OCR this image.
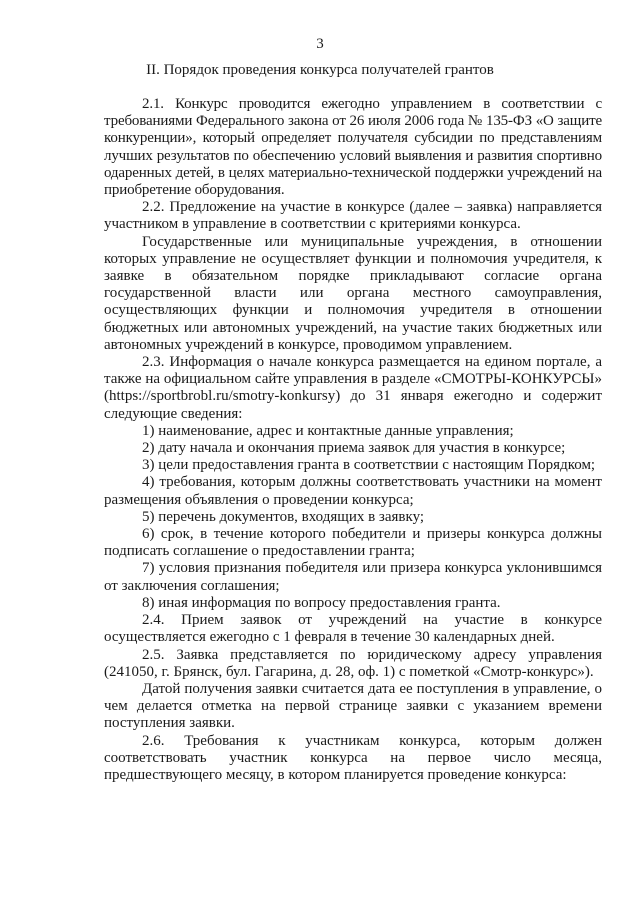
3
II. Порядок проведения конкурса получателей грантов

2.1. Конкурс проводится ежегодно управлением в соответствии с требованиями Федерального закона от 26 июля 2006 года № 135-ФЗ «О защите конкуренции», который определяет получателя субсидии по представлениям лучших результатов по обеспечению условий выявления и развития спортивно одаренных детей, в целях материально-технической поддержки учреждений на приобретение оборудования.

2.2. Предложение на участие в конкурсе (далее – заявка) направляется участником в управление в соответствии с критериями конкурса.

Государственные или муниципальные учреждения, в отношении которых управление не осуществляет функции и полномочия учредителя, к заявке в обязательном порядке прикладывают согласие органа государственной власти или органа местного самоуправления, осуществляющих функции и полномочия учредителя в отношении бюджетных или автономных учреждений, на участие таких бюджетных или автономных учреждений в конкурсе, проводимом управлением.

2.3. Информация о начале конкурса размещается на едином портале, а также на официальном сайте управления в разделе «СМОТРЫ-КОНКУРСЫ» (https://sportbrobl.ru/smotry-konkursy) до 31 января ежегодно и содержит следующие сведения:

1) наименование, адрес и контактные данные управления;

2) дату начала и окончания приема заявок для участия в конкурсе;

3) цели предоставления гранта в соответствии с настоящим Порядком;

4) требования, которым должны соответствовать участники на момент размещения объявления о проведении конкурса;

5) перечень документов, входящих в заявку;

6) срок, в течение которого победители и призеры конкурса должны подписать соглашение о предоставлении гранта;

7) условия признания победителя или призера конкурса уклонившимся от заключения соглашения;

8) иная информация по вопросу предоставления гранта.

2.4. Прием заявок от учреждений на участие в конкурсе осуществляется ежегодно с 1 февраля в течение 30 календарных дней.

2.5. Заявка представляется по юридическому адресу управления (241050, г. Брянск, бул. Гагарина, д. 28, оф. 1) с пометкой «Смотр-конкурс»).

Датой получения заявки считается дата ее поступления в управление, о чем делается отметка на первой странице заявки с указанием времени поступления заявки.

2.6. Требования к участникам конкурса, которым должен соответствовать участник конкурса на первое число месяца, предшествующего месяцу, в котором планируется проведение конкурса:
